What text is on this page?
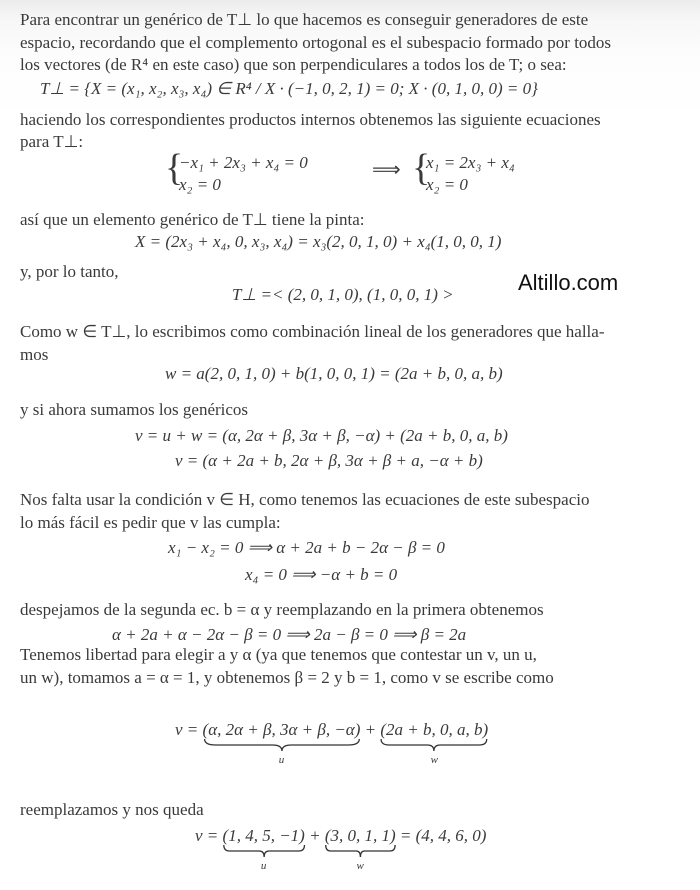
Para encontrar un genérico de T⊥ lo que hacemos es conseguir generadores de este
espacio, recordando que el complemento ortogonal es el subespacio formado por todos
los vectores (de R⁴ en este caso) que son perpendiculares a todos los de T; o sea:
T⊥ = {X = (x₁, x₂, x₃, x₄) ∈ R⁴ / X · (−1, 0, 2, 1) = 0; X · (0, 1, 0, 0) = 0}
haciendo los correspondientes productos internos obtenemos las siguiente ecuaciones
para T⊥:
{
−x₁ + 2x₃ + x₄ = 0
x₂ = 0
⟹ {
x₁ = 2x₃ + x₄
x₂ = 0
así que un elemento genérico de T⊥ tiene la pinta:
X = (2x₃ + x₄, 0, x₃, x₄) = x₃(2, 0, 1, 0) + x₄(1, 0, 0, 1)
y, por lo tanto,
T⊥ =< (2, 0, 1, 0), (1, 0, 0, 1) >	Altillo.com
Como w ∈ T⊥, lo escribimos como combinación lineal de los generadores que halla-
mos
w = a(2, 0, 1, 0) + b(1, 0, 0, 1) = (2a + b, 0, a, b)
y si ahora sumamos los genéricos
v = u + w = (α, 2α + β, 3α + β, −α) + (2a + b, 0, a, b)
v = (α + 2a + b, 2α + β, 3α + β + a, −α + b)
Nos falta usar la condición v ∈ H, como tenemos las ecuaciones de este subespacio
lo más fácil es pedir que v las cumpla:
x₁ − x₂ = 0 ⟹ α + 2a + b − 2α − β = 0
x₄ = 0 ⟹ −α + b = 0
despejamos de la segunda ec. b = α y reemplazando en la primera obtenemos
α + 2a + α − 2α − β = 0 ⟹ 2a − β = 0 ⟹ β = 2a
Tenemos libertad para elegir a y α (ya que tenemos que contestar un v, un u,
un w), tomamos a = α = 1, y obtenemos β = 2 y b = 1, como v se escribe como
v = (α, 2α + β, 3α + β, −α)
u
+ (2a + b, 0, a, b)
w
reemplazamos y nos queda
v = (1, 4, 5, −1)
u
+ (3, 0, 1, 1)
w
= (4, 4, 6, 0)
